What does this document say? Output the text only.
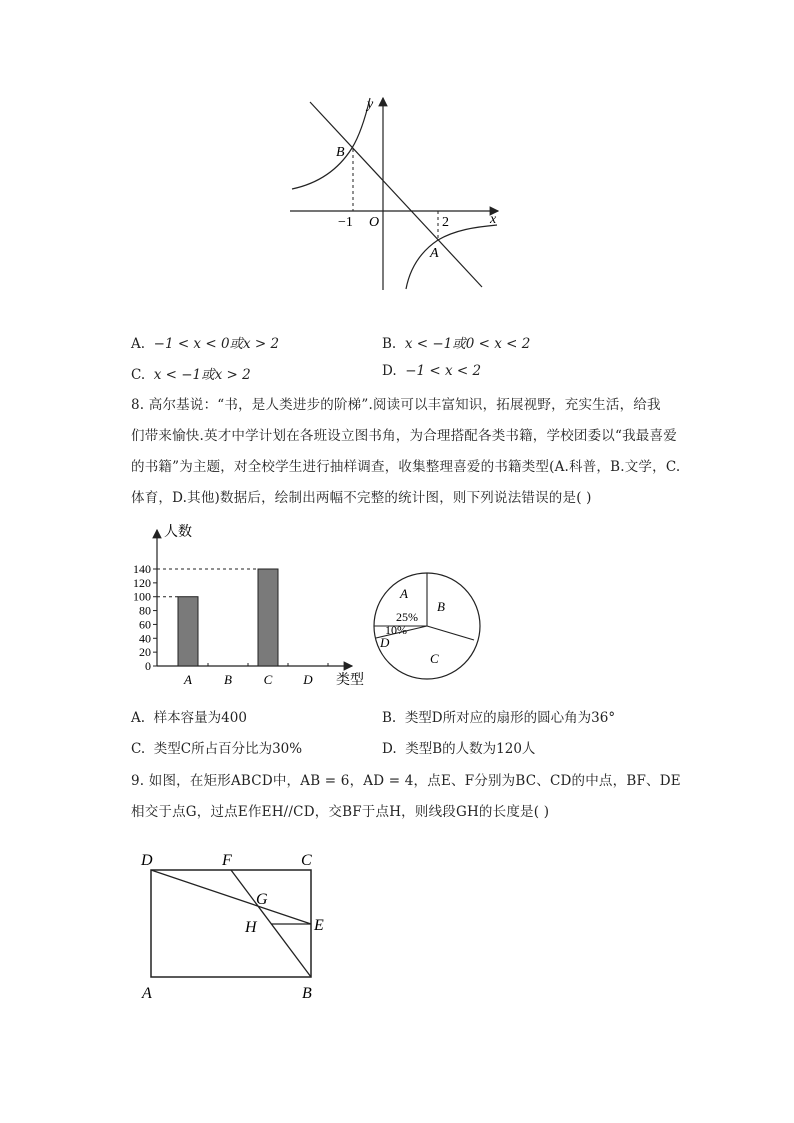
y
x
B
O
−1	2
A
A. −1 < x < 0或x > 2	B. x < −1或0 < x < 2
C. x < −1或x > 2	D. −1 < x < 2
8. 高尔基说：“书，是人类进步的阶梯”.阅读可以丰富知识，拓展视野，充实生活，给我
们带来愉快.英才中学计划在各班设立图书角，为合理搭配各类书籍，学校团委以“我最喜爱
的书籍”为主题，对全校学生进行抽样调查，收集整理喜爱的书籍类型(A.科普，B.文学，C.
体育，D.其他)数据后，绘制出两幅不完整的统计图，则下列说法错误的是( )
人数
类型
140
120
100
80
60
40
20
0
A B C D
A
25%
B
C
10%
D
A. 样本容量为400	B. 类型D所对应的扇形的圆心角为36°
C. 类型C所占百分比为30%	D. 类型B的人数为120人
9. 如图，在矩形ABCD中，AB = 6，AD = 4，点E、F分别为BC、CD的中点，BF、DE
相交于点G，过点E作EH//CD，交BF于点H，则线段GH的长度是( )
D	F	C
G
H	E
A	B
